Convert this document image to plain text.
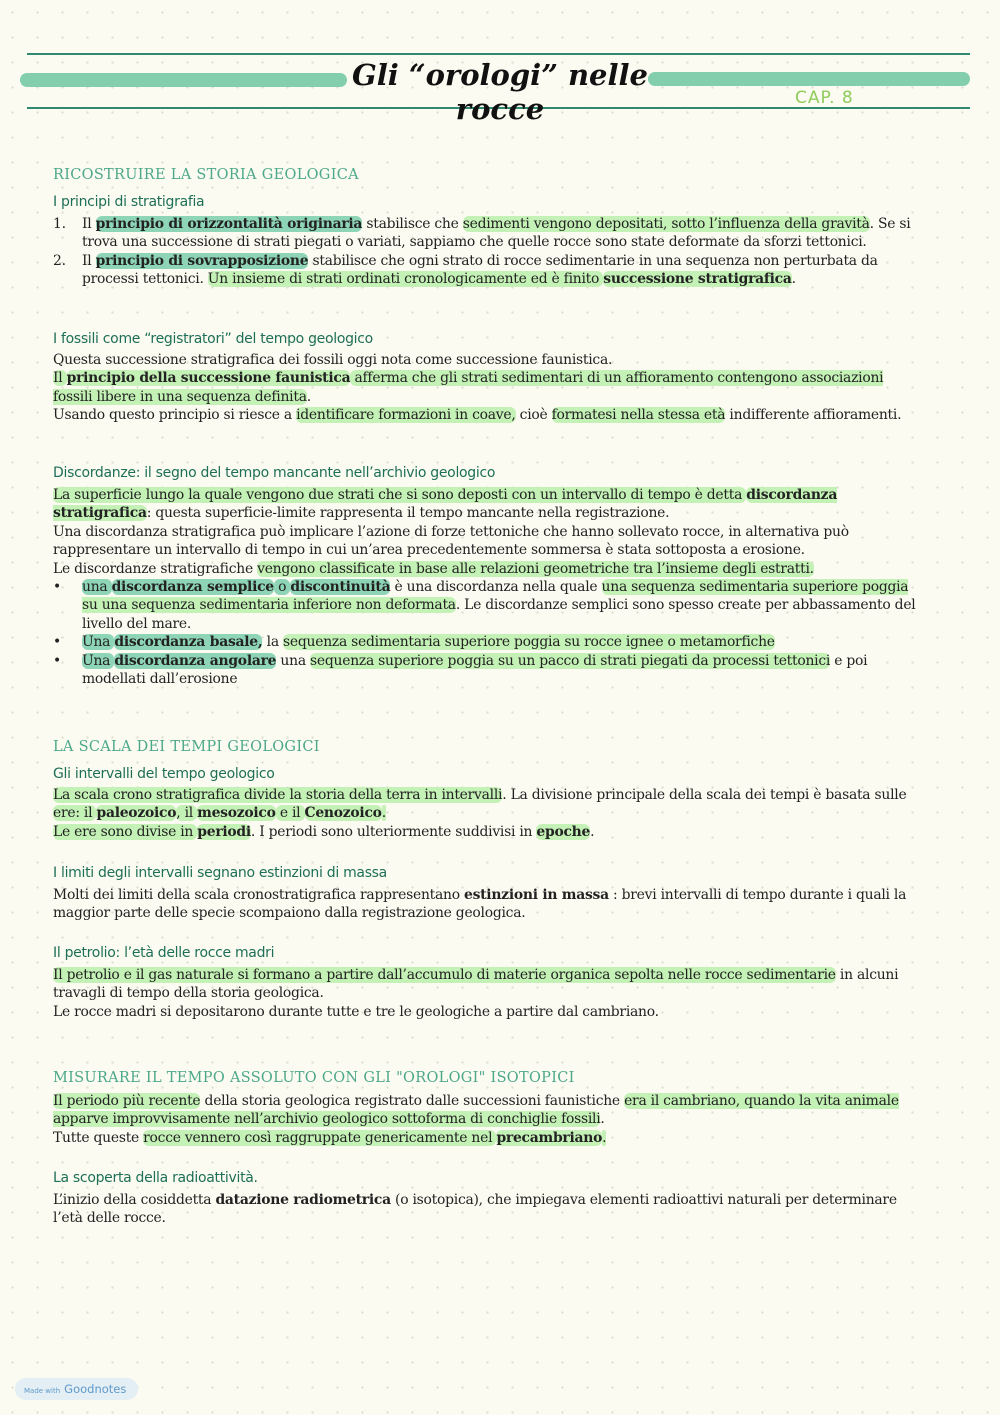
Gli “orologi” nelle rocce	CAP. 8
RICOSTRUIRE LA STORIA GEOLOGICA
I principi di stratigrafia
1. Il principio di orizzontalità originaria stabilisce che sedimenti vengono depositati, sotto l’influenza della gravità. Se si trova una successione di strati piegati o variati, sappiamo che quelle rocce sono state deformate da sforzi tettonici.
2. Il principio di sovrapposizione stabilisce che ogni strato di rocce sedimentarie in una sequenza non perturbata da processi tettonici. Un insieme di strati ordinati cronologicamente ed è finito successione stratigrafica.
I fossili come “registratori” del tempo geologico
Questa successione stratigrafica dei fossili oggi nota come successione faunistica.
Il principio della successione faunistica afferma che gli strati sedimentari di un affioramento contengono associazioni fossili libere in una sequenza definita.
Usando questo principio si riesce a identificare formazioni in coave, cioè formatesi nella stessa età indifferente affioramenti.
Discordanze: il segno del tempo mancante nell’archivio geologico
La superficie lungo la quale vengono due strati che si sono deposti con un intervallo di tempo è detta discordanza stratigrafica: questa superficie-limite rappresenta il tempo mancante nella registrazione.
Una discordanza stratigrafica può implicare l’azione di forze tettoniche che hanno sollevato rocce, in alternativa può rappresentare un intervallo di tempo in cui un’area precedentemente sommersa è stata sottoposta a erosione.
Le discordanze stratigrafiche vengono classificate in base alle relazioni geometriche tra l’insieme degli estratti.
• una discordanza semplice o discontinuità è una discordanza nella quale una sequenza sedimentaria superiore poggia su una sequenza sedimentaria inferiore non deformata. Le discordanze semplici sono spesso create per abbassamento del livello del mare.
• Una discordanza basale, la sequenza sedimentaria superiore poggia su rocce ignee o metamorfiche
• Una discordanza angolare una sequenza superiore poggia su un pacco di strati piegati da processi tettonici e poi modellati dall’erosione
LA SCALA DEI TEMPI GEOLOGICI
Gli intervalli del tempo geologico
La scala crono stratigrafica divide la storia della terra in intervalli. La divisione principale della scala dei tempi è basata sulle ere: il paleozoico, il mesozoico e il Cenozoico.
Le ere sono divise in periodi. I periodi sono ulteriormente suddivisi in epoche.
I limiti degli intervalli segnano estinzioni di massa
Molti dei limiti della scala cronostratigrafica rappresentano estinzioni in massa : brevi intervalli di tempo durante i quali la maggior parte delle specie scompaiono dalla registrazione geologica.
Il petrolio: l’età delle rocce madri
Il petrolio e il gas naturale si formano a partire dall’accumulo di materie organica sepolta nelle rocce sedimentarie in alcuni travagli di tempo della storia geologica.
Le rocce madri si depositarono durante tutte e tre le geologiche a partire dal cambriano.
MISURARE IL TEMPO ASSOLUTO CON GLI "OROLOGI" ISOTOPICI
Il periodo più recente della storia geologica registrato dalle successioni faunistiche era il cambriano, quando la vita animale apparve improvvisamente nell’archivio geologico sottoforma di conchiglie fossili.
Tutte queste rocce vennero così raggruppate genericamente nel precambriano.
La scoperta della radioattività.
L’inizio della cosiddetta datazione radiometrica (o isotopica), che impiegava elementi radioattivi naturali per determinare l’età delle rocce.
Made with Goodnotes
